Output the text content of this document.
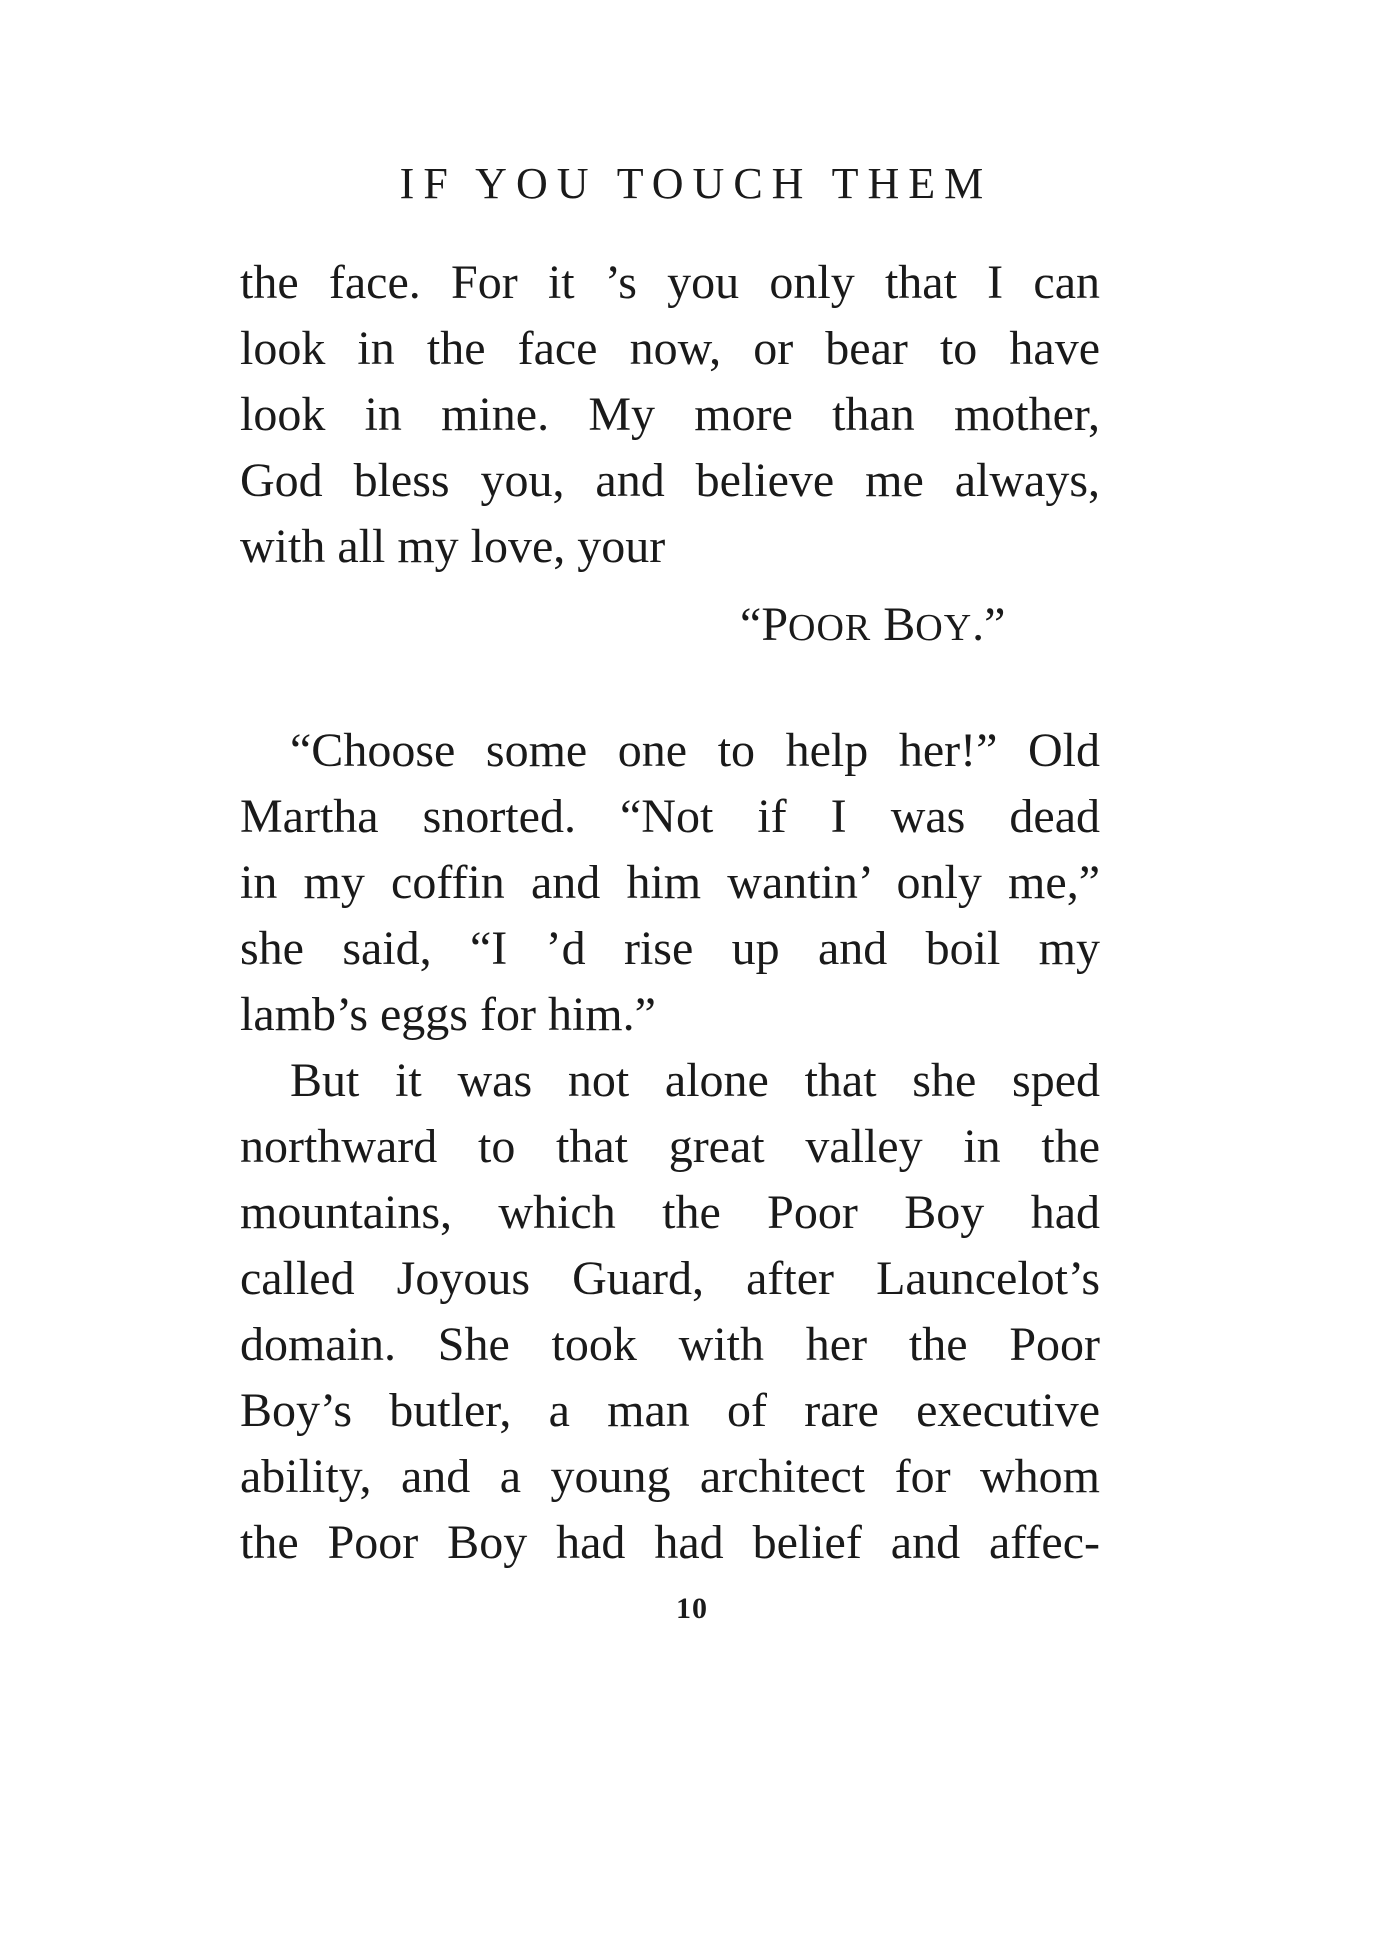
IF YOU TOUCH THEM
the face. For it ’s you only that I can
look in the face now, or bear to have
look in mine. My more than mother,
God bless you, and believe me always,
with all my love, your
“POOR BOY.”
“Choose some one to help her!” Old
Martha snorted. “Not if I was dead
in my coffin and him wantin’ only me,”
she said, “I ’d rise up and boil my
lamb’s eggs for him.”
But it was not alone that she sped
northward to that great valley in the
mountains, which the Poor Boy had
called Joyous Guard, after Launcelot’s
domain. She took with her the Poor
Boy’s butler, a man of rare executive
ability, and a young architect for whom
the Poor Boy had had belief and affec-
10
